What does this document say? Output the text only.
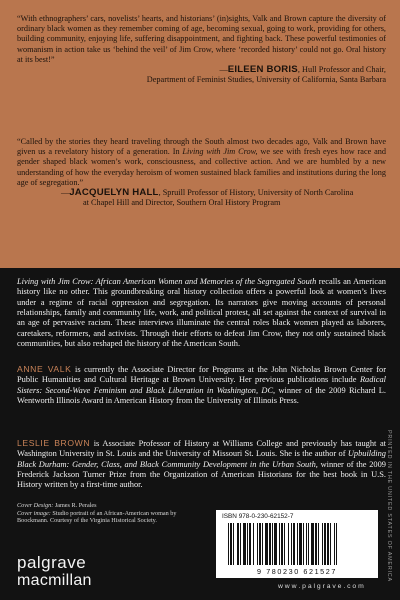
“With ethnographers’ cars, novelists’ hearts, and historians’ (in)sights, Valk and Brown capture the diversity of ordinary black women as they remember coming of age, becoming sexual, going to work, providing for others, building community, enjoying life, suffering disappointment, and fighting back. These powerful testimonies of womanism in action take us ‘behind the veil’ of Jim Crow, where ‘recorded history’ could not go. Oral history at its best!”

—EILEEN BORIS, Hull Professor and Chair,
Department of Feminist Studies, University of California, Santa Barbara

“Called by the stories they heard traveling through the South almost two decades ago, Valk and Brown have given us a revelatory history of a generation. In Living with Jim Crow, we see with fresh eyes how race and gender shaped black women’s work, consciousness, and collective action. And we are humbled by a new understanding of how the everyday heroism of women sustained black families and institutions during the long age of segregation.”

—JACQUELYN HALL, Spruill Professor of History, University of North Carolina
at Chapel Hill and Director, Southern Oral History Program

Living with Jim Crow: African American Women and Memories of the Segregated South recalls an American history like no other. This groundbreaking oral history collection offers a powerful look at women’s lives under a regime of racial oppression and segregation. Its narrators give moving accounts of personal relationships, family and community life, work, and political protest, all set against the context of survival in an age of pervasive racism. These interviews illuminate the central roles black women played as laborers, caretakers, reformers, and activists. Through their efforts to defeat Jim Crow, they not only sustained black communities, but also reshaped the history of the American South.

ANNE VALK is currently the Associate Director for Programs at the John Nicholas Brown Center for Public Humanities and Cultural Heritage at Brown University. Her previous publications include Radical Sisters: Second-Wave Feminism and Black Liberation in Washington, DC, winner of the 2009 Richard L. Wentworth Illinois Award in American History from the University of Illinois Press.

LESLIE BROWN is Associate Professor of History at Williams College and previously has taught at Washington University in St. Louis and the University of Missouri St. Louis. She is the author of Upbuilding Black Durham: Gender, Class, and Black Community Development in the Urban South, winner of the 2009 Frederick Jackson Turner Prize from the Organization of American Historians for the best book in U.S. History written by a first-time author.

Cover Design: James R. Perales
Cover image: Studio portrait of an African-American woman by Boockmann. Courtesy of the Virginia Historical Society.
palgrave
macmillan
ISBN 978-0-230-62152-7
9 780230 621527
w w w . p a l g r a v e . c o m
PRINTED IN THE UNITED STATES OF AMERICA
